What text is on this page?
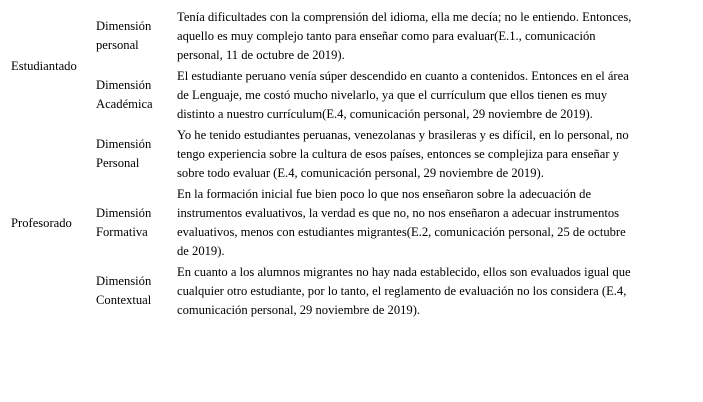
Estudiantado
Profesorado
Dimensión
personal
Tenía dificultades con la comprensión del idioma, ella me decía; no le entiendo. Entonces,
aquello es muy complejo tanto para enseñar como para evaluar(E.1., comunicación
personal, 11 de octubre de 2019).
Dimensión
Académica
El estudiante peruano venía súper descendido en cuanto a contenidos. Entonces en el área
de Lenguaje, me costó mucho nivelarlo, ya que el currículum que ellos tienen es muy
distinto a nuestro currículum(E.4, comunicación personal, 29 noviembre de 2019).
Dimensión
Personal
Yo he tenido estudiantes peruanas, venezolanas y brasileras y es difícil, en lo personal, no
tengo experiencia sobre la cultura de esos países, entonces se complejiza para enseñar y
sobre todo evaluar (E.4, comunicación personal, 29 noviembre de 2019).
Dimensión
Formativa
En la formación inicial fue bien poco lo que nos enseñaron sobre la adecuación de
instrumentos evaluativos, la verdad es que no, no nos enseñaron a adecuar instrumentos
evaluativos, menos con estudiantes migrantes(E.2, comunicación personal, 25 de octubre
de 2019).
Dimensión
Contextual
En cuanto a los alumnos migrantes no hay nada establecido, ellos son evaluados igual que
cualquier otro estudiante, por lo tanto, el reglamento de evaluación no los considera (E.4,
comunicación personal, 29 noviembre de 2019).
